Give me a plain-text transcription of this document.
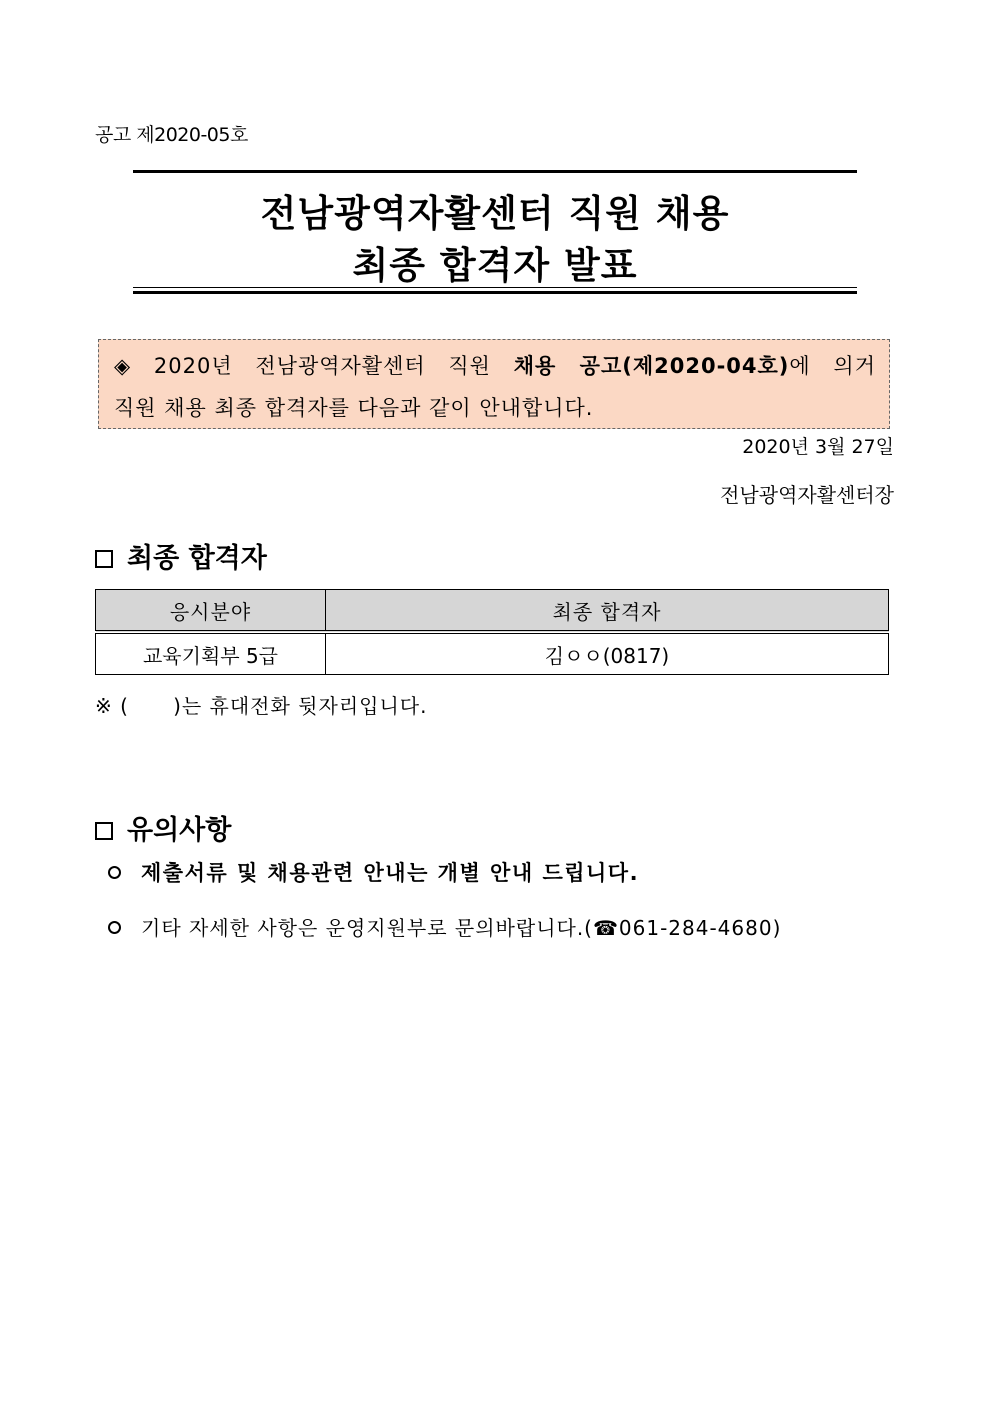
공고 제2020-05호
전남광역자활센터 직원 채용
최종 합격자 발표
◈ 2020년 전남광역자활센터 직원 채용 공고(제2020-04호)에 의거
직원 채용 최종 합격자를 다음과 같이 안내합니다.
2020년 3월 27일
전남광역자활센터장
최종 합격자
응시분야	최종 합격자
교육기획부 5급	김ㅇㅇ(0817)
※ (      )는 휴대전화 뒷자리입니다.
유의사항
제출서류 및 채용관련 안내는 개별 안내 드립니다.
기타 자세한 사항은 운영지원부로 문의바랍니다.(☎061-284-4680)
